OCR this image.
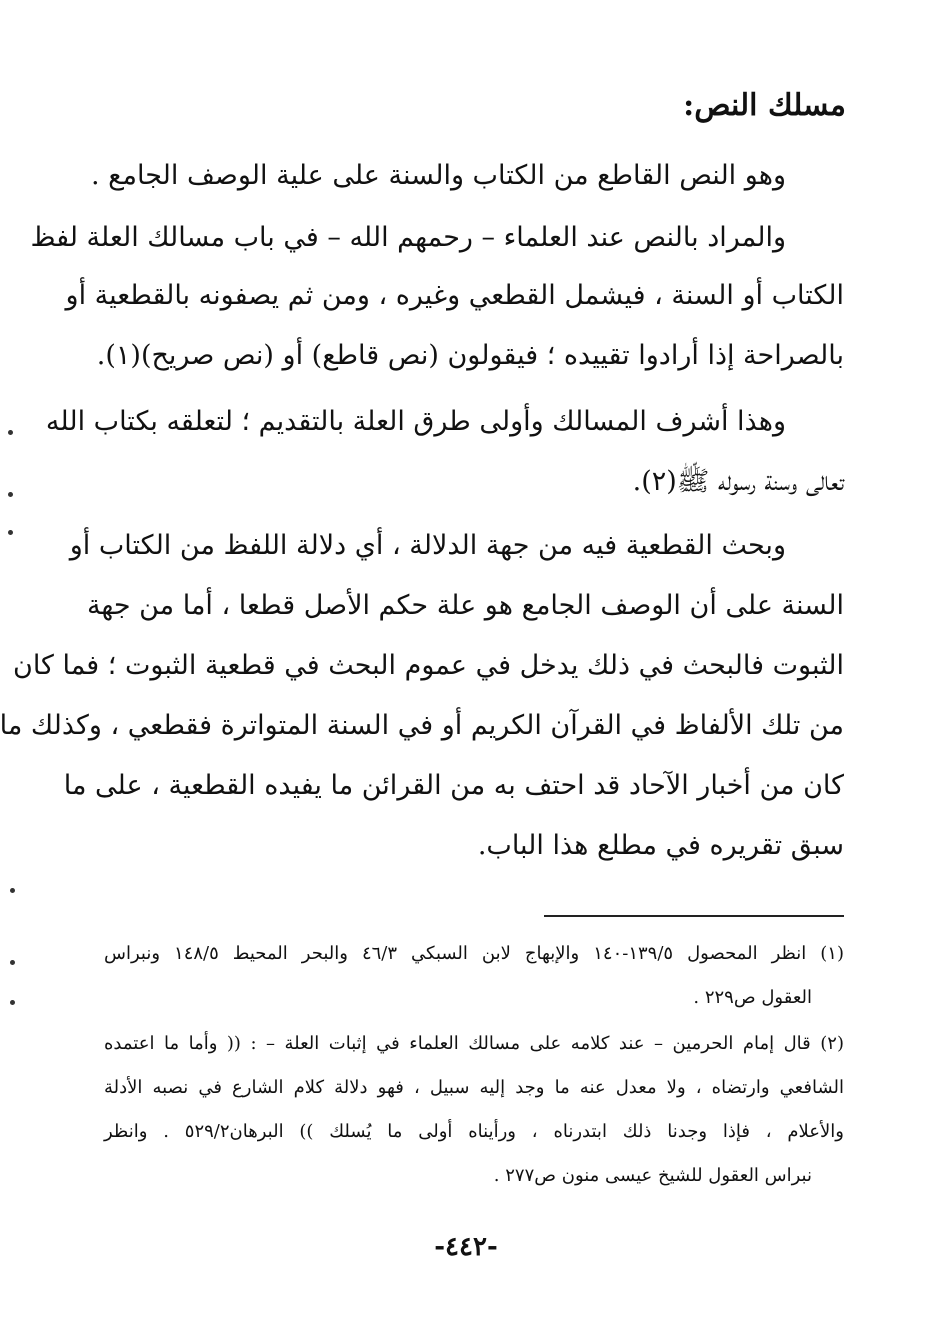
مسلك النص:
وهو النص القاطع من الكتاب والسنة على علية الوصف الجامع .
والمراد بالنص عند العلماء – رحمهم الله – في باب مسالك العلة لفظ
الكتاب أو السنة ، فيشمل القطعي وغيره ، ومن ثم يصفونه بالقطعية أو
بالصراحة إذا أرادوا تقييده ؛ فيقولون (نص قاطع) أو (نص صريح)(١).
وهذا أشرف المسالك وأولى طرق العلة بالتقديم ؛ لتعلقه بكتاب الله
تعالى وسنة رسوله ﷺ(٢).
وبحث القطعية فيه من جهة الدلالة ، أي دلالة اللفظ من الكتاب أو
السنة على أن الوصف الجامع هو علة حكم الأصل قطعا ، أما من جهة
الثبوت فالبحث في ذلك يدخل في عموم البحث في قطعية الثبوت ؛ فما كان
من تلك الألفاظ في القرآن الكريم أو في السنة المتواترة فقطعي ، وكذلك ما
كان من أخبار الآحاد قد احتف به من القرائن ما يفيده القطعية ، على ما
سبق تقريره في مطلع هذا الباب.
(١) انظر المحصول ١٣٩/٥-١٤٠ والإبهاج لابن السبكي ٤٦/٣ والبحر المحيط ١٤٨/٥ ونبراس
العقول ص٢٢٩ .
(٢) قال إمام الحرمين – عند كلامه على مسالك العلماء في إثبات العلة – : (( وأما ما اعتمده
الشافعي وارتضاه ، ولا معدل عنه ما وجد إليه سبيل ، فهو دلالة كلام الشارع في نصبه الأدلة
والأعلام ، فإذا وجدنا ذلك ابتدرناه ، ورأيناه أولى ما يُسلك )) البرهان٥٢٩/٢ . وانظر
نبراس العقول للشيخ عيسى منون ص٢٧٧ .
-٤٤٢-
